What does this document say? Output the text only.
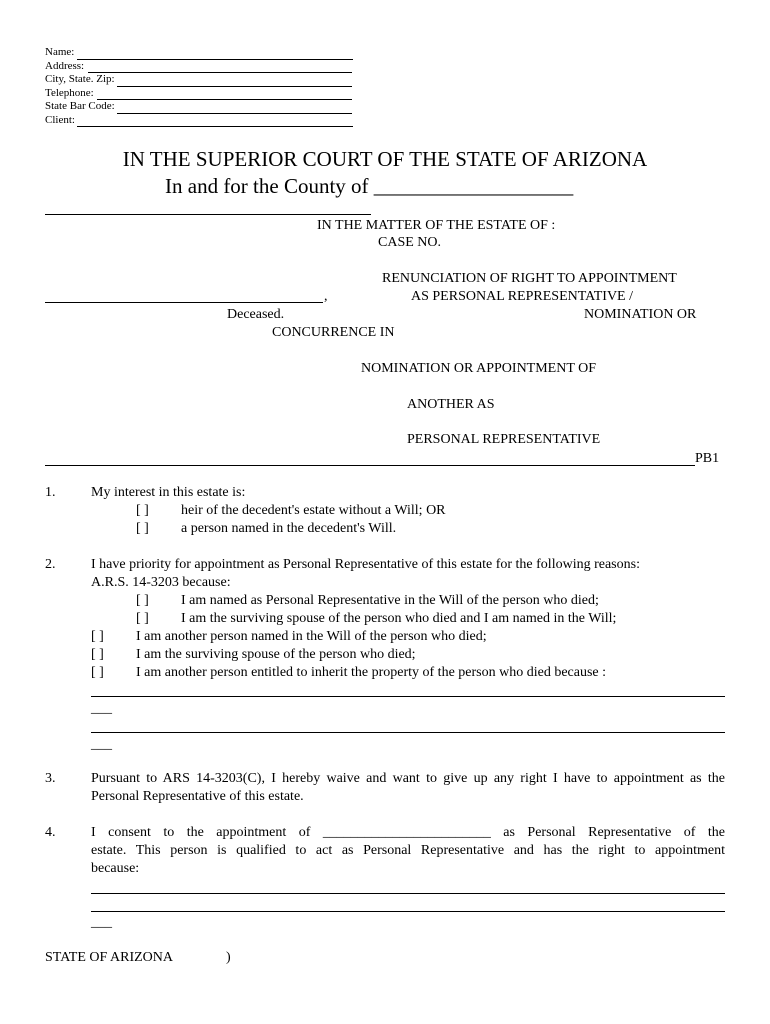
Name:
Address:
City, State. Zip:
Telephone:
State Bar Code:
Client:
IN THE SUPERIOR COURT OF THE STATE OF ARIZONA
In and for the County of ___________________
IN THE MATTER OF THE ESTATE OF :
CASE NO.
RENUNCIATION OF RIGHT TO APPOINTMENT
,	AS PERSONAL REPRESENTATIVE /
Deceased.	NOMINATION OR
CONCURRENCE IN
NOMINATION OR APPOINTMENT OF
ANOTHER AS
PERSONAL REPRESENTATIVE
PB1
1.	My interest in this estate is:
[ ] heir of the decedent's estate without a Will; OR
[ ] a person named in the decedent's Will.
2.	I have priority for appointment as Personal Representative of this estate for the following reasons:
A.R.S. 14-3203 because:
[ ] I am named as Personal Representative in the Will of the person who died;
[ ] I am the surviving spouse of the person who died and I am named in the Will;
[ ] I am another person named in the Will of the person who died;
[ ] I am the surviving spouse of the person who died;
[ ] I am another person entitled to inherit the property of the person who died because :
___
___
3.	Pursuant to ARS 14-3203(C), I hereby waive and want to give up any right I have to appointment as the
Personal Representative of this estate.
4.	I consent to the appointment of ________________________ as Personal Representative of the
estate. This person is qualified to act as Personal Representative and has the right to appointment
because:
___
STATE OF ARIZONA	)
